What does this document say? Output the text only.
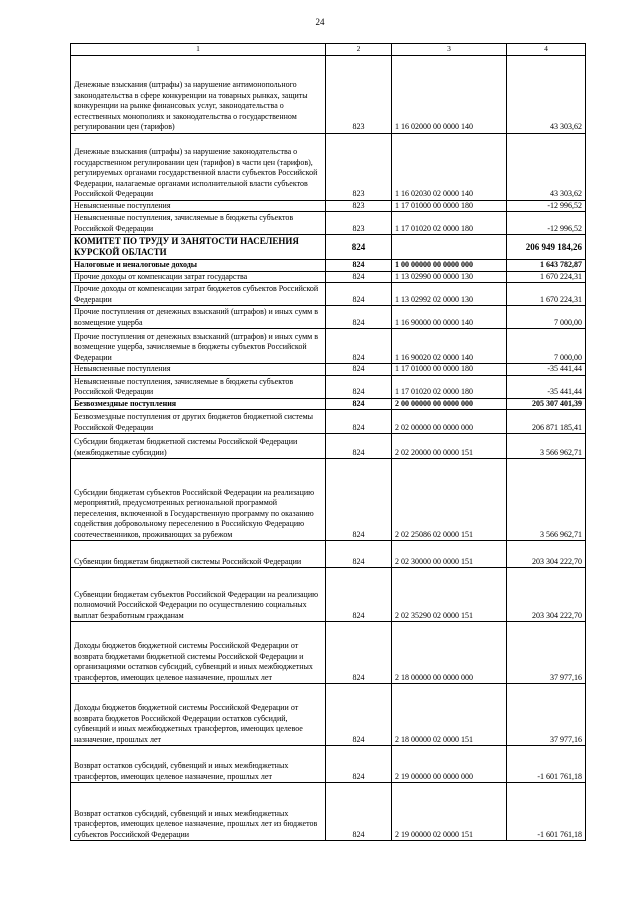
24
1	2	3	4
Денежные взыскания (штрафы) за нарушение антимонопольного законодательства в сфере конкуренции на товарных рынках, защиты конкуренции на рынке финансовых услуг, законодательства о естественных монополиях и законодательства о государственном регулировании цен (тарифов)	823	1 16 02000 00 0000 140	43 303,62
Денежные взыскания (штрафы) за нарушение законодательства о государственном регулировании цен (тарифов) в части цен (тарифов), регулируемых органами государственной власти субъектов Российской Федерации, налагаемые органами исполнительной власти субъектов Российской Федерации	823	1 16 02030 02 0000 140	43 303,62
Невыясненные поступления	823	1 17 01000 00 0000 180	-12 996,52
Невыясненные поступления, зачисляемые в бюджеты субъектов Российской Федерации	823	1 17 01020 02 0000 180	-12 996,52
КОМИТЕТ ПО ТРУДУ И ЗАНЯТОСТИ НАСЕЛЕНИЯ КУРСКОЙ ОБЛАСТИ	824		206 949 184,26
Налоговые и неналоговые доходы	824	1 00 00000 00 0000 000	1 643 782,87
Прочие доходы от компенсации затрат государства	824	1 13 02990 00 0000 130	1 670 224,31
Прочие доходы от компенсации затрат бюджетов субъектов Российской Федерации	824	1 13 02992 02 0000 130	1 670 224,31
Прочие поступления от денежных взысканий (штрафов) и иных сумм в возмещение ущерба	824	1 16 90000 00 0000 140	7 000,00
Прочие поступления от денежных взысканий (штрафов) и иных сумм в возмещение ущерба, зачисляемые в бюджеты субъектов Российской Федерации	824	1 16 90020 02 0000 140	7 000,00
Невыясненные поступления	824	1 17 01000 00 0000 180	-35 441,44
Невыясненные поступления, зачисляемые в бюджеты субъектов Российской Федерации	824	1 17 01020 02 0000 180	-35 441,44
Безвозмездные поступления	824	2 00 00000 00 0000 000	205 307 401,39
Безвозмездные поступления от других бюджетов бюджетной системы Российской Федерации	824	2 02 00000 00 0000 000	206 871 185,41
Субсидии бюджетам бюджетной системы Российской Федерации (межбюджетные субсидии)	824	2 02 20000 00 0000 151	3 566 962,71
Субсидии бюджетам субъектов Российской Федерации на реализацию мероприятий, предусмотренных региональной программой переселения, включенной в Государственную программу по оказанию содействия добровольному переселению в Российскую Федерацию соотечественников, проживающих за рубежом	824	2 02 25086 02 0000 151	3 566 962,71
Субвенции бюджетам бюджетной системы Российской Федерации	824	2 02 30000 00 0000 151	203 304 222,70
Субвенции бюджетам субъектов Российской Федерации на реализацию полномочий Российской Федерации по осуществлению социальных выплат безработным гражданам	824	2 02 35290 02 0000 151	203 304 222,70
Доходы бюджетов бюджетной системы Российской Федерации от возврата бюджетами бюджетной системы Российской Федерации и организациями остатков субсидий, субвенций и иных межбюджетных трансфертов, имеющих целевое назначение, прошлых лет	824	2 18 00000 00 0000 000	37 977,16
Доходы бюджетов бюджетной системы Российской Федерации от возврата бюджетов Российской Федерации остатков субсидий, субвенций и иных межбюджетных трансфертов, имеющих целевое назначение, прошлых лет	824	2 18 00000 02 0000 151	37 977,16
Возврат остатков субсидий, субвенций и иных межбюджетных трансфертов, имеющих целевое назначение, прошлых лет	824	2 19 00000 00 0000 000	-1 601 761,18
Возврат остатков субсидий, субвенций и иных межбюджетных трансфертов, имеющих целевое назначение, прошлых лет из бюджетов субъектов Российской Федерации	824	2 19 00000 02 0000 151	-1 601 761,18
